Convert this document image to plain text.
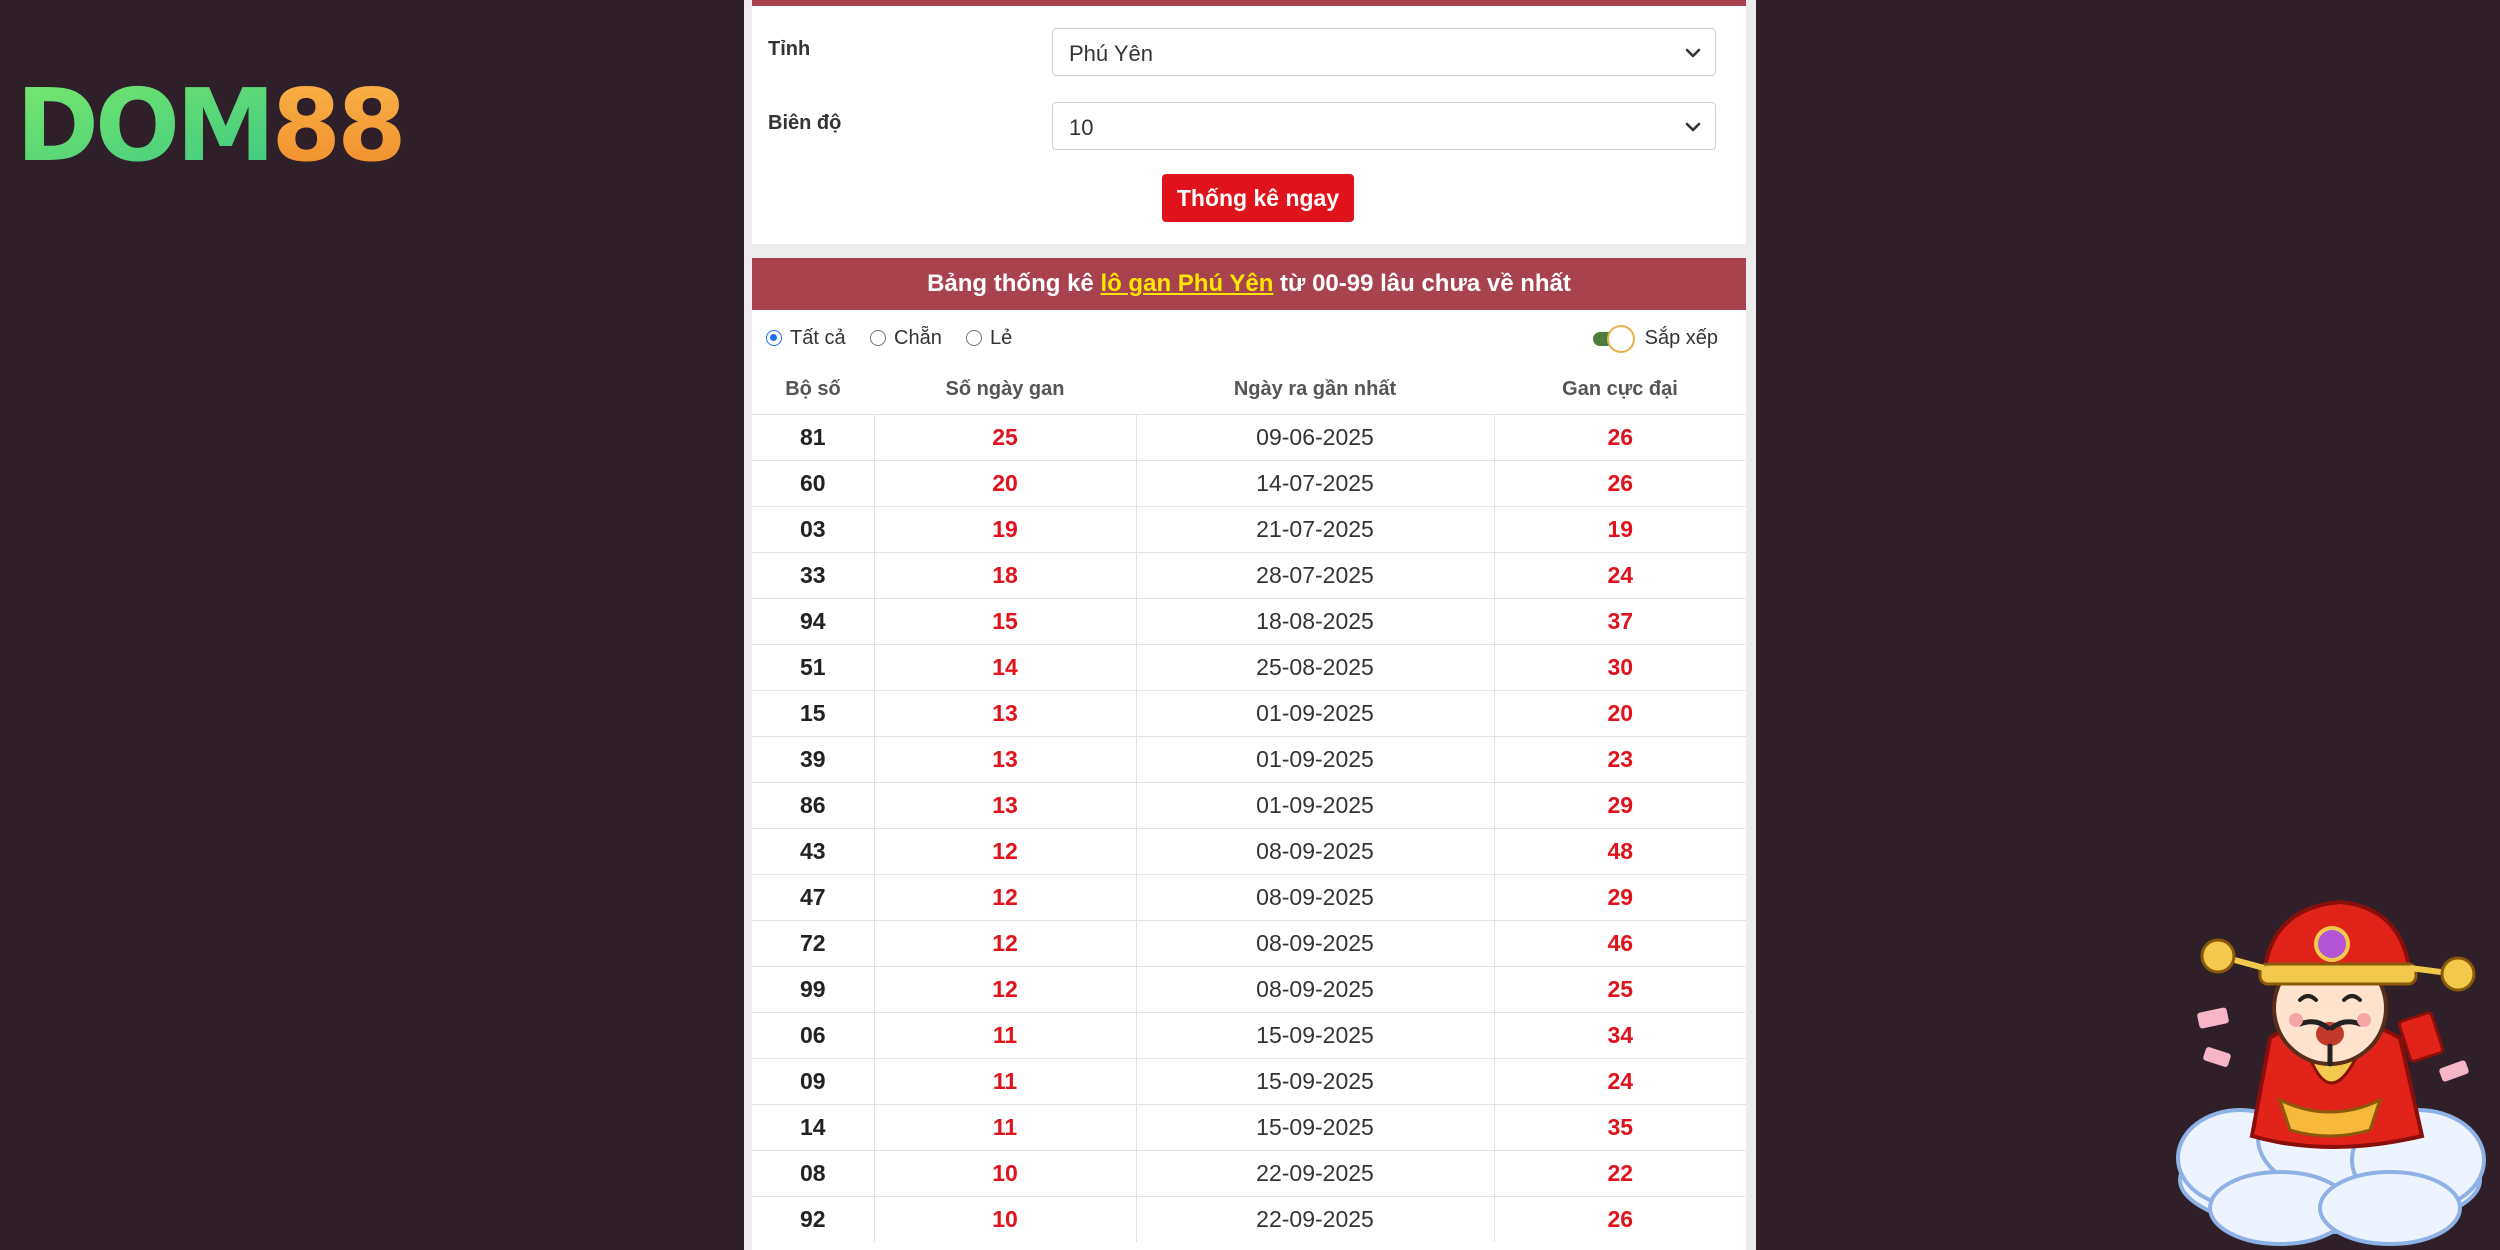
DOM88
Tỉnh	Phú Yên
Biên độ	10
Thống kê ngay
Bảng thống kê lô gan Phú Yên từ 00-99 lâu chưa về nhất
Tất cả Chẵn Lẻ	Sắp xếp
Bộ số	Số ngày gan	Ngày ra gần nhất	Gan cực đại
81	25	09-06-2025	26
60	20	14-07-2025	26
03	19	21-07-2025	19
33	18	28-07-2025	24
94	15	18-08-2025	37
51	14	25-08-2025	30
15	13	01-09-2025	20
39	13	01-09-2025	23
86	13	01-09-2025	29
43	12	08-09-2025	48
47	12	08-09-2025	29
72	12	08-09-2025	46
99	12	08-09-2025	25
06	11	15-09-2025	34
09	11	15-09-2025	24
14	11	15-09-2025	35
08	10	22-09-2025	22
92	10	22-09-2025	26
